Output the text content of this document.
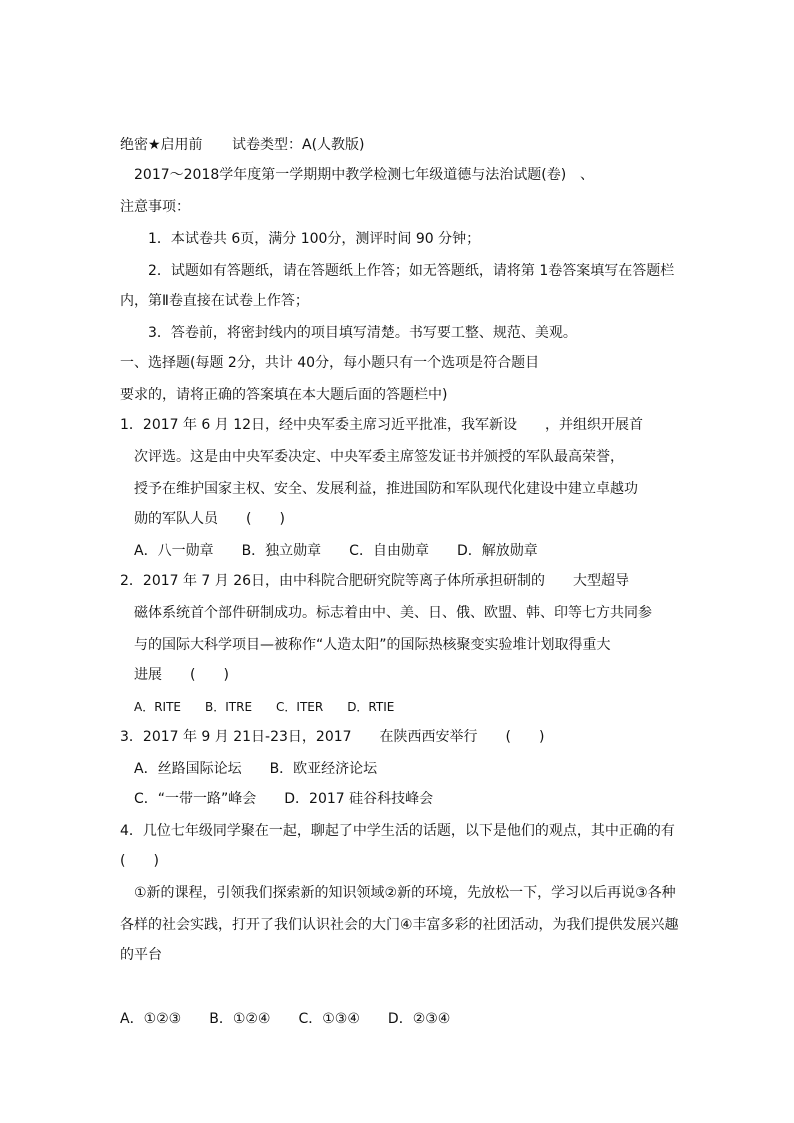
绝密★启用前 试卷类型：A(人教版)
2017～2018学年度第一学期期中教学检测七年级道德与法治试题(卷) 、
注意事项：
1．本试卷共 6页，满分 100分，测评时间 90 分钟；
2．试题如有答题纸，请在答题纸上作答；如无答题纸，请将第 1卷答案填写在答题栏
内，第Ⅱ卷直接在试卷上作答；
3．答卷前，将密封线内的项目填写清楚。书写要工整、规范、美观。
一、选择题(每题 2分，共计 40分，每小题只有一个选项是符合题目
要求的，请将正确的答案填在本大题后面的答题栏中)
1．2017 年 6 月 12日，经中央军委主席习近平批准，我军新设　　，并组织开展首
次评选。这是由中央军委决定、中央军委主席签发证书并颁授的军队最高荣誉，
授予在维护国家主权、安全、发展利益，推进国防和军队现代化建设中建立卓越功
勋的军队人员　　(　　)
A．八一勋章　　B．独立勋章　　C．自由勋章　　D．解放勋章
2．2017 年 7 月 26日，由中科院合肥研究院等离子体所承担研制的　　大型超导
磁体系统首个部件研制成功。标志着由中、美、日、俄、欧盟、韩、印等七方共同参
与的国际大科学项目—被称作“人造太阳”的国际热核聚变实验堆计划取得重大
进展　　(　　)
A．RITE　　B．ITRE　　C．ITER　　D．RTIE
3．2017 年 9 月 21日-23日，2017　　在陕西西安举行　　(　　)
A．丝路国际论坛　　B．欧亚经济论坛
C．“一带一路”峰会　　D．2017 硅谷科技峰会
4．几位七年级同学聚在一起，聊起了中学生活的话题，以下是他们的观点，其中正确的有
(　　)
①新的课程，引领我们探索新的知识领域②新的环境，先放松一下，学习以后再说③各种
各样的社会实践，打开了我们认识社会的大门④丰富多彩的社团活动，为我们提供发展兴趣
的平台
A．①②③　　B．①②④　　C．①③④　　D．②③④
